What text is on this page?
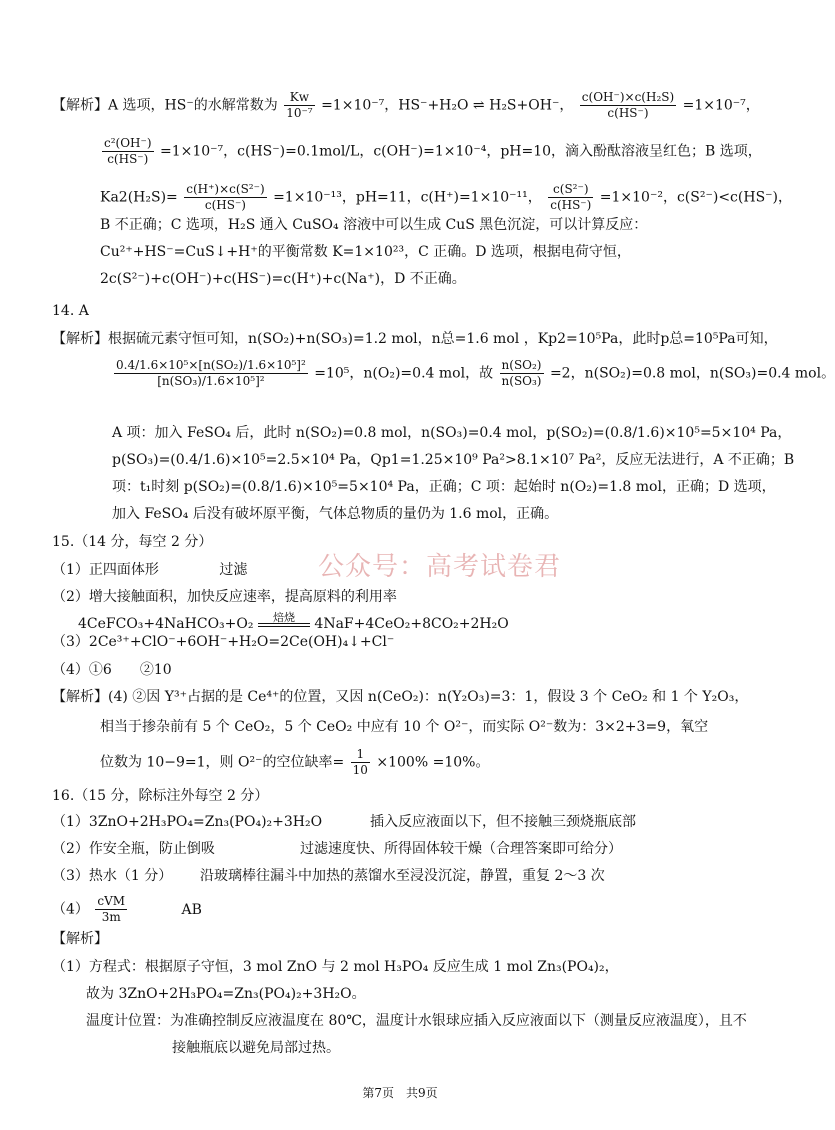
公众号：高考试卷君
【解析】A 选项，HS⁻的水解常数为 $\frac{Kw}{\text{10⁻⁷}} =1\times 10^{-7}$，HS⁻+H₂O ⇌ H₂S+OH⁻， $\frac{\text{c(OH⁻)×c(H₂S)}}{c(HS^-)} =1\times 10^{-7}$，
$\frac{\text{c²(OH⁻)}}{c(HS^-)} =1\times 10^{-7}$，c(HS⁻)=0.1mol/L，c(OH⁻)=1×10⁻⁴，pH=10，滴入酚酞溶液呈红色；B 选项，
$Ka2(H_2S)= \frac{\text{c(H⁺)×c(S²⁻)}}{c(HS^-)} =1\times 10^{-13}$，pH=11，c(H⁺)=1×10⁻¹¹， $\frac{\text{c(S²⁻)}}{c(HS^-)} =1\times 10^{-2}$，c(S²⁻)<c(HS⁻)，
B 不正确；C 选项，H₂S 通入 CuSO₄ 溶液中可以生成 CuS 黑色沉淀，可以计算反应：
Cu²⁺+HS⁻=CuS↓+H⁺的平衡常数 K=1×10²³，C 正确。D 选项，根据电荷守恒，
2c(S²⁻)+c(OH⁻)+c(HS⁻)=c(H⁺)+c(Na⁺)，D 不正确。
14. A
【解析】根据硫元素守恒可知，n(SO₂)+n(SO₃)=1.2 mol，n总=1.6 mol ，Kp2=10⁵Pa，此时p总=10⁵Pa可知，
$\frac{\text{0.4/1.6×10⁵×[n(SO₂)/1.6×10⁵]²}}{\text{[n(SO₃)/1.6×10⁵]²}} =10^5$，n(O₂)=0.4 mol，故 $\frac{\text{n(SO₂)}}{\text{n(SO₃)}} =2$，n(SO₂)=0.8 mol，n(SO₃)=0.4 mol。
A 项：加入 FeSO₄ 后，此时 n(SO₂)=0.8 mol，n(SO₃)=0.4 mol，p(SO₂)=(0.8/1.6)×10⁵=5×10⁴ Pa，
p(SO₃)=(0.4/1.6)×10⁵=2.5×10⁴ Pa，Qp1=1.25×10⁹ Pa²>8.1×10⁷ Pa²，反应无法进行，A 不正确；B
项：t₁时刻 p(SO₂)=(0.8/1.6)×10⁵=5×10⁴ Pa，正确；C 项：起始时 n(O₂)=1.8 mol，正确；D 选项，
加入 FeSO₄ 后没有破坏原平衡，气体总物质的量仍为 1.6 mol，正确。
15.（14 分，每空 2 分）
（1）正四面体形	过滤
（2）增大接触面积，加快反应速率，提高原料的利用率
4CeFCO₃+4NaHCO₃+O₂	焙烧	4NaF+4CeO₂+8CO₂+2H₂O
（3）2Ce³⁺+ClO⁻+6OH⁻+H₂O=2Ce(OH)₄↓+Cl⁻
（4）①6　　②10
【解析】(4) ②因 Y³⁺占据的是 Ce⁴⁺的位置，又因 n(CeO₂)：n(Y₂O₃)=3：1，假设 3 个 CeO₂ 和 1 个 Y₂O₃，
相当于掺杂前有 5 个 CeO₂，5 个 CeO₂ 中应有 10 个 O²⁻，而实际 O²⁻数为：3×2+3=9，氧空
位数为 10−9=1，则 O²⁻的空位缺率= $\frac{1}{10} \times 100\% =10\%$。
16.（15 分，除标注外每空 2 分）
（1）3ZnO+2H₃PO₄=Zn₃(PO₄)₂+3H₂O	插入反应液面以下，但不接触三颈烧瓶底部
（2）作安全瓶，防止倒吸	过滤速度快、所得固体较干燥（合理答案即可给分）
（3）热水（1 分） 沿玻璃棒往漏斗中加热的蒸馏水至浸没沉淀，静置，重复 2～3 次
$(4) \frac{\text{cVM}}{3m}$	AB
【解析】
（1）方程式：根据原子守恒，3 mol ZnO 与 2 mol H₃PO₄ 反应生成 1 mol Zn₃(PO₄)₂，
故为 3ZnO+2H₃PO₄=Zn₃(PO₄)₂+3H₂O。
温度计位置：为准确控制反应液温度在 80℃，温度计水银球应插入反应液面以下（测量反应液温度），且不
接触瓶底以避免局部过热。
第7页　共9页
